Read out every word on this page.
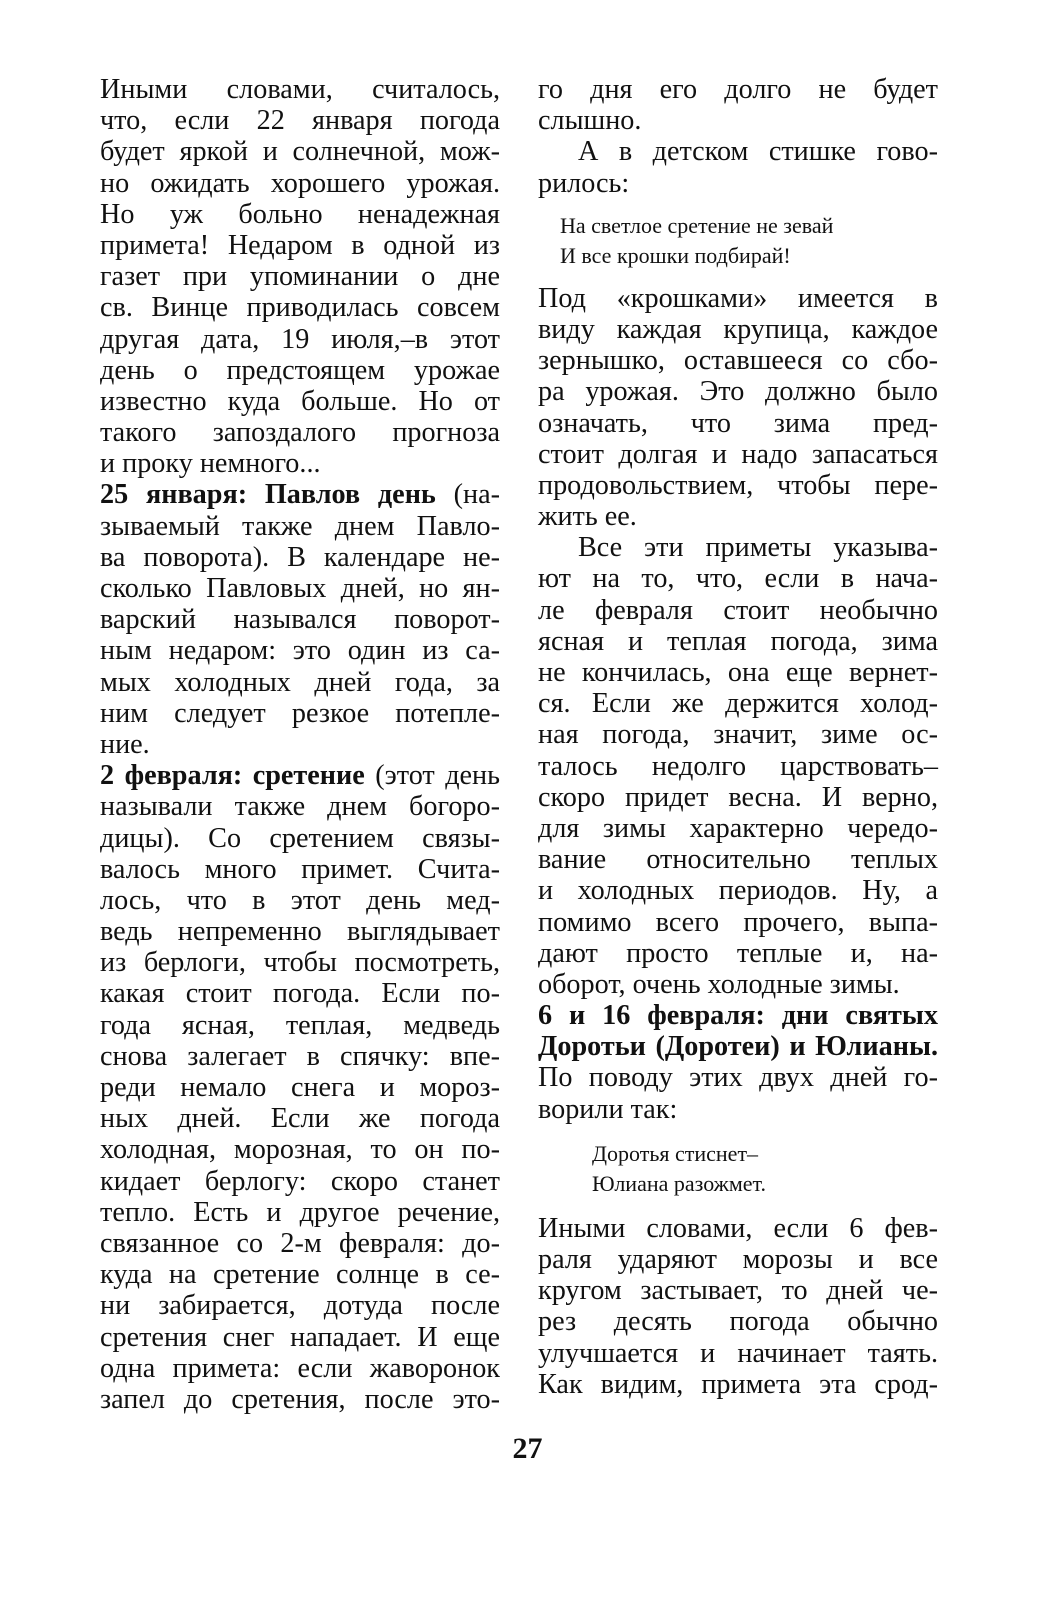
Иными словами, считалось,
что, если 22 января погода
будет яркой и солнечной, мож-
но ожидать хорошего урожая.
Но уж больно ненадежная
примета! Недаром в одной из
газет при упоминании о дне
св. Винце приводилась совсем
другая дата, 19 июля,–в этот
день о предстоящем урожае
известно куда больше. Но от
такого запоздалого прогноза
и проку немного...
25 января: Павлов день (на-
зываемый также днем Павло-
ва поворота). В календаре не-
сколько Павловых дней, но ян-
варский назывался поворот-
ным недаром: это один из са-
мых холодных дней года, за
ним следует резкое потепле-
ние.
2 февраля: сретение (этот день
называли также днем богоро-
дицы). Со сретением связы-
валось много примет. Счита-
лось, что в этот день мед-
ведь непременно выглядывает
из берлоги, чтобы посмотреть,
какая стоит погода. Если по-
года ясная, теплая, медведь
снова залегает в спячку: впе-
реди немало снега и мороз-
ных дней. Если же погода
холодная, морозная, то он по-
кидает берлогу: скоро станет
тепло. Есть и другое речение,
связанное со 2-м февраля: до-
куда на сретение солнце в се-
ни забирается, дотуда после
сретения снег нападает. И еще
одна примета: если жаворонок
запел до сретения, после это-
го дня его долго не будет
слышно.
А в детском стишке гово-
рилось:
На светлое сретение не зевай
И все крошки подбирай!
Под «крошками» имеется в
виду каждая крупица, каждое
зернышко, оставшееся со сбо-
ра урожая. Это должно было
означать, что зима пред-
стоит долгая и надо запасаться
продовольствием, чтобы пере-
жить ее.
Все эти приметы указыва-
ют на то, что, если в нача-
ле февраля стоит необычно
ясная и теплая погода, зима
не кончилась, она еще вернет-
ся. Если же держится холод-
ная погода, значит, зиме ос-
талось недолго царствовать–
скоро придет весна. И верно,
для зимы характерно чередо-
вание относительно теплых
и холодных периодов. Ну, а
помимо всего прочего, выпа-
дают просто теплые и, на-
оборот, очень холодные зимы.
6 и 16 февраля: дни святых
Доротьи (Доротеи) и Юлианы.
По поводу этих двух дней го-
ворили так:
Доротья стиснет–
Юлиана разожмет.
Иными словами, если 6 фев-
раля ударяют морозы и все
кругом застывает, то дней че-
рез десять погода обычно
улучшается и начинает таять.
Как видим, примета эта срод-
27
